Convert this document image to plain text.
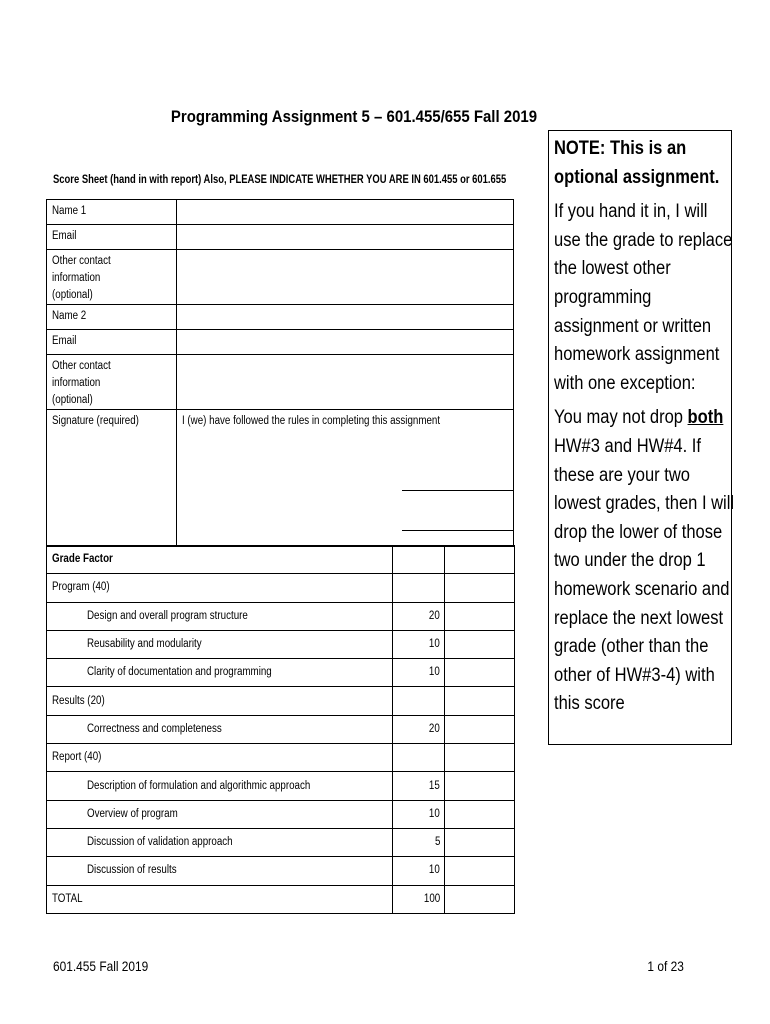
Programming Assignment 5 – 601.455/655 Fall 2019
Score Sheet (hand in with report) Also, PLEASE INDICATE WHETHER YOU ARE IN 601.455 or 601.655
Name 1	

Email	

Other contact information
(optional)	

Name 2	

Email	

Other contact information
(optional)	

Signature (required)	I (we) have followed the rules in completing this assignment
Grade Factor		

Program (40)		

Design and overall program structure	20	
Reusability and modularity	10	
Clarity of documentation and programming	10	

Results (20)		

Correctness and completeness	20	

Report (40)		

Description of formulation and algorithmic approach	15	
Overview of program	10	
Discussion of validation approach	5	
Discussion of results	10	

TOTAL	100	
NOTE: This is an optional assignment.

If you hand it in, I will use the grade to replace the lowest other programming assignment or written homework assignment with one exception:

You may not drop both HW#3 and HW#4. If these are your two lowest grades, then I will drop the lower of those two under the drop 1 homework scenario and replace the next lowest grade (other than the other of HW#3-4) with this score

601.455 Fall 2019	1 of 23
